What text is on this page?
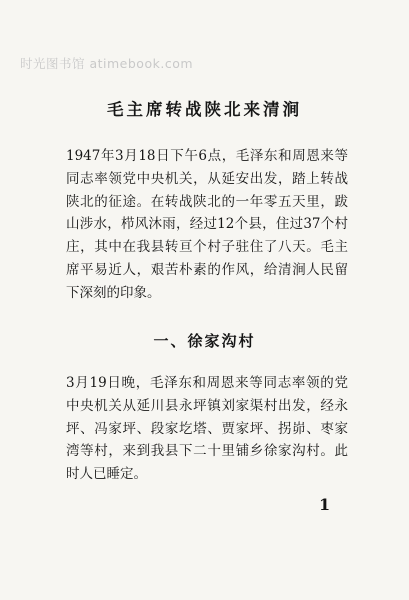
时光图书馆 atimebook.com
毛主席转战陕北来清涧

1947年3月18日下午6点，毛泽东和周恩来等同志率领党中央机关，从延安出发，踏上转战陕北的征途。在转战陕北的一年零五天里，跋山涉水，栉风沐雨，经过12个县，住过37个村庄，其中在我县转亘个村子驻住了八天。毛主席平易近人，艰苦朴素的作风，给清涧人民留下深刻的印象。

一、徐家沟村

3月19日晚，毛泽东和周恩来等同志率领的党中央机关从延川县永坪镇刘家渠村出发，经永坪、冯家坪、段家圪塔、贾家坪、拐峁、枣家湾等村，来到我县下二十里铺乡徐家沟村。此时人已睡定。

1
